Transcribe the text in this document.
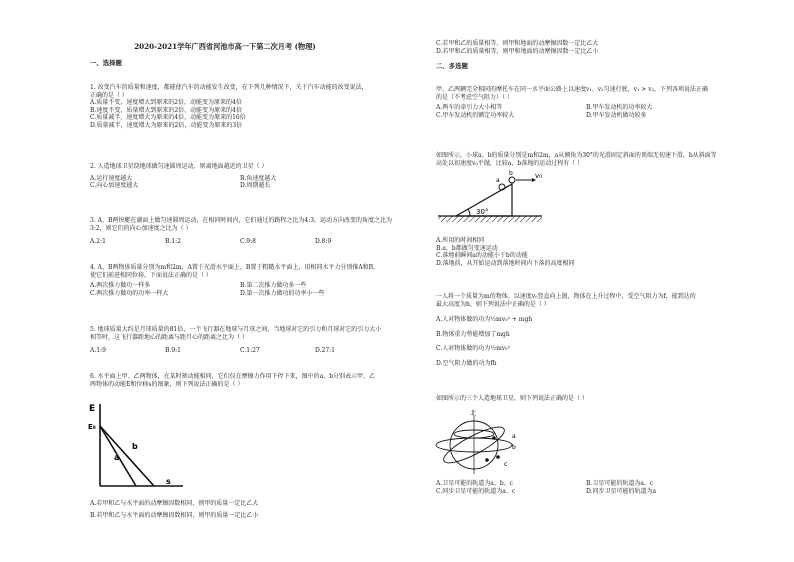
2020-2021学年广西省河池市高一下第二次月考 (物理)
一、选择题
1. 改变汽车的质量和速度，都能使汽车的动能发生改变，在下列几种情况下，关于汽车动能的改变说法，
正确的是（ ）
A.质量不变，速度增大到原来的2倍，动能变为原来的4倍
B.速度不变，质量增大到原来的2倍，动能变为原来的4倍
C.质量减半，速度增大为原来的4倍，动能变为原来的16倍
D.质量减半，速度增大为原来的2倍，动能变为原来的3倍
2. 人造地球卫星绕地球做匀速圆周运动，则离地面越近的卫星（ ）
A.运行速度越大	B.角速度越大
C.向心加速度越大	D.周期越长
3. A、B两快艇在湖面上做匀速圆周运动，在相同时间内，它们通过的路程之比为4:3，运动方向改变的角度之比为
3:2，则它们的向心加速度之比为（ ）
A.2:1	B.1:2	C.9:8	D.8:9
4. A、B两物体质量分别为m和2m，A置于光滑水平面上，B置于粗糙水平面上，用相同水平力分别推A和B，
使它们前进相同位移，下面说法正确的是（ ）
A.两次推力做功一样多	B.第二次推力做功多一些
C.两次推力做功的功率一样大	D.第一次推力做功的功率小一些
5. 地球质量大约是月球质量的81倍，一个飞行器在地球与月球之间，当地球对它的引力和月球对它的引力大小
相等时，这飞行器距地心的距离与距月心的距离之比为（ ）
A.1:9	B.9:1	C.1:27	D.27:1
6. 水平面上甲、乙两物体，在某时刻动能相同，它们仅在摩擦力作用下停下来，图中的a、b分别表示甲、乙
两物体的动能E和位移s的图象，则下列说法正确的是（ ）
E
E₀
a
b
s
A.若甲和乙与水平面的动摩擦因数相同，则甲的质量一定比乙大
B.若甲和乙与水平面的动摩擦因数相同，则甲的质量一定比乙小
C.若甲和乙的质量相等，则甲和地面的动摩擦因数一定比乙大
D.若甲和乙的质量相等，则甲和地面的动摩擦因数一定比乙小
二、多选题
甲、乙两辆完全相同的摩托车在同一水平面公路上以速度v₁、v₂匀速行驶，v₁ > v₂，下列各项说法正确
的是（不考虑空气阻力）（ ）
A.两车的牵引力大小相等	B.甲车发动机的功率较大
C.甲车发动机的额定功率较大	D.甲车发动机做功较多
如图所示，小球a、b的质量分别是m和2m，a从倾角为30°的光滑固定斜面的顶端无初速下滑，b从斜面等
高处以初速度v₀平抛，比较a、b落地的运动过程有（ ）
30°
v₀
a
b
A.所用的时间相同
B.a、b都做匀变速运动
C.落地前瞬间a的动能小于b的动能
D.落地前，从开始运动到落地时间内下落的高度相同
一人将一个质量为m的物体，以速度v₀竖直向上抛，物体在上升过程中，受空气阻力为f，能到达的
最大高度为h，则下列说法中正确的是（ ）
A.人对物体做的功为½mv₀² + mgh
B.物体重力势能增加了mgh
C.人对物体做的功为½mv₀²
D.空气阻力做的功为fh
如图所示的三个人造地球卫星，则下列说法正确的是（ ）
北
a
b
c
A.卫星可能的轨道为a、b、c	B.卫星可能的轨道为a、c
C.同步卫星可能的轨道为a、c	D.同步卫星可能的轨道为a
